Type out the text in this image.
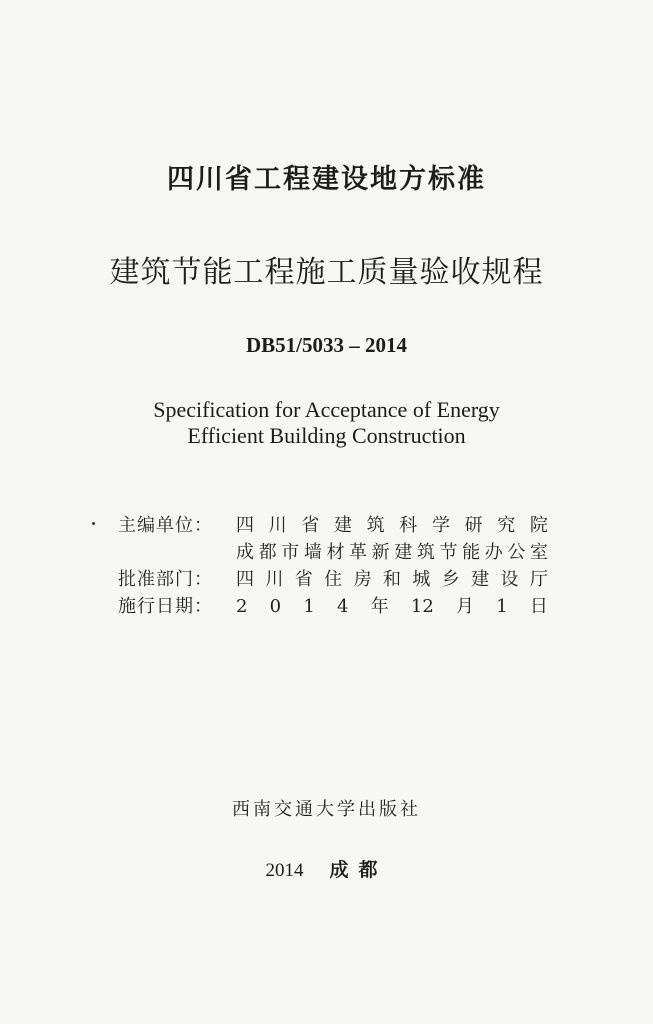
四川省工程建设地方标准
建筑节能工程施工质量验收规程
DB51/5033 – 2014
Specification for Acceptance of Energy
Efficient Building Construction
主编单位：	四 川 省 建 筑 科 学 研 究 院
成 都 市 墙 材 革 新 建 筑 节 能 办 公 室
批准部门：	四 川 省 住 房 和 城 乡 建 设 厅
施行日期：	2 0 1 4 年 12 月 1 日
西南交通大学出版社
2014 成都
